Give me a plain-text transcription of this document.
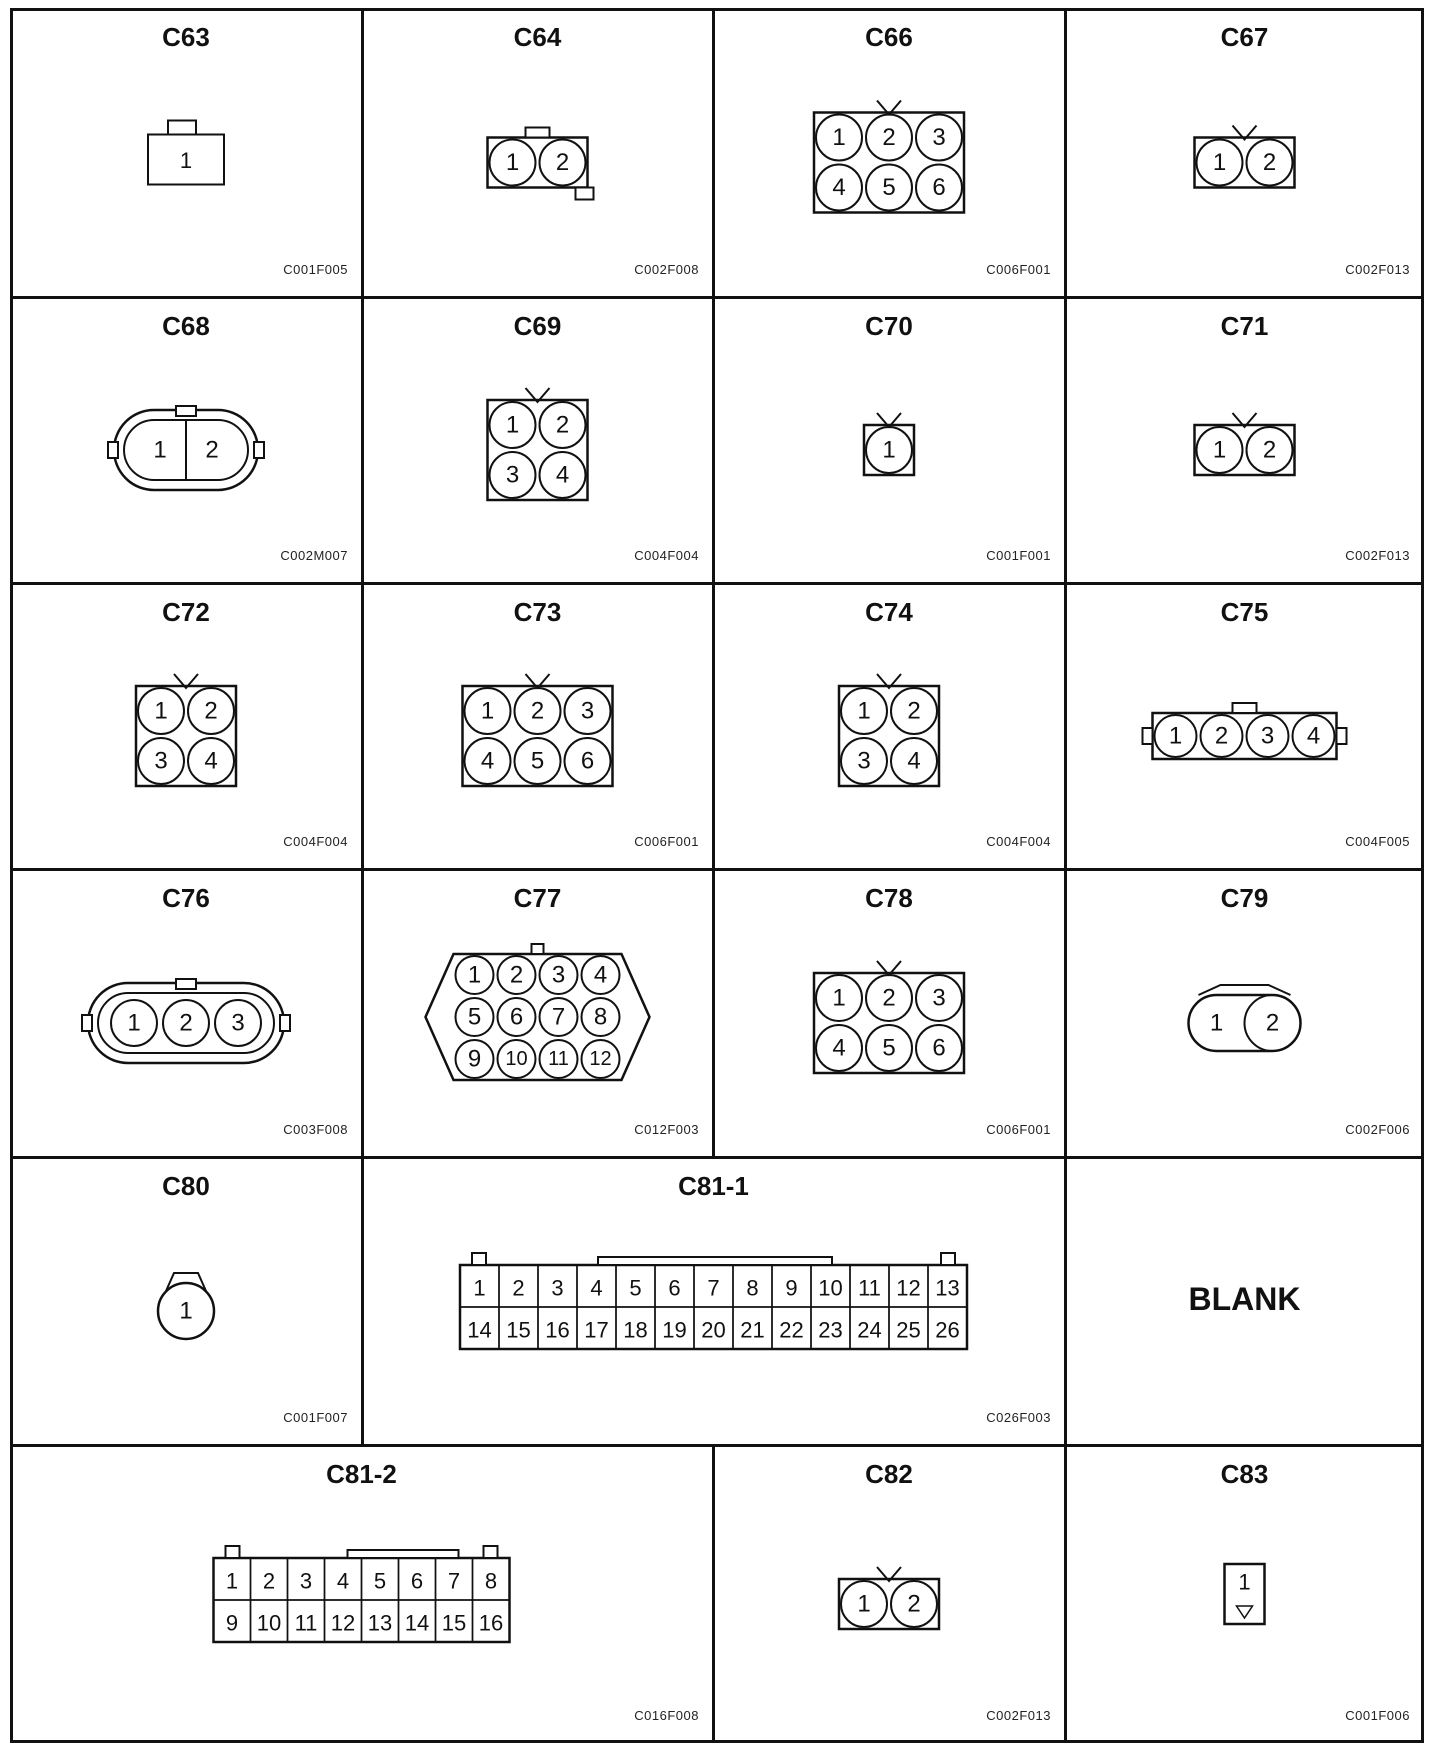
C63
C001F005
1
C64
C002F008
1 2
C66
C006F001
1 2 3
4 5 6
C67
C002F013
1 2
C68
C002M007
1 2
C69
C004F004
1 2
3 4
C70
C001F001
1
C71
C002F013
1 2
C72
C004F004
1 2
3 4
C73
C006F001
1 2 3
4 5 6
C74
C004F004
1 2
3 4
C75
C004F005
1 2 3 4
C76
C003F008
1 2 3
C77
C012F003
1 2 3 4
5 6 7 8
9 10 11 12
C78
C006F001
1 2 3
4 5 6
C79
C002F006
1 2
C80
C001F007
1
C81-1
C026F003
1 2 3 4 5 6 7 8 9 10 11 12 13
14 15 16 17 18 19 20 21 22 23 24 25 26
BLANK
C81-2
C016F008
1 2 3 4 5 6 7 8
9 10 11 12 13 14 15 16
C82
C002F013
1 2
C83
C001F006
1
